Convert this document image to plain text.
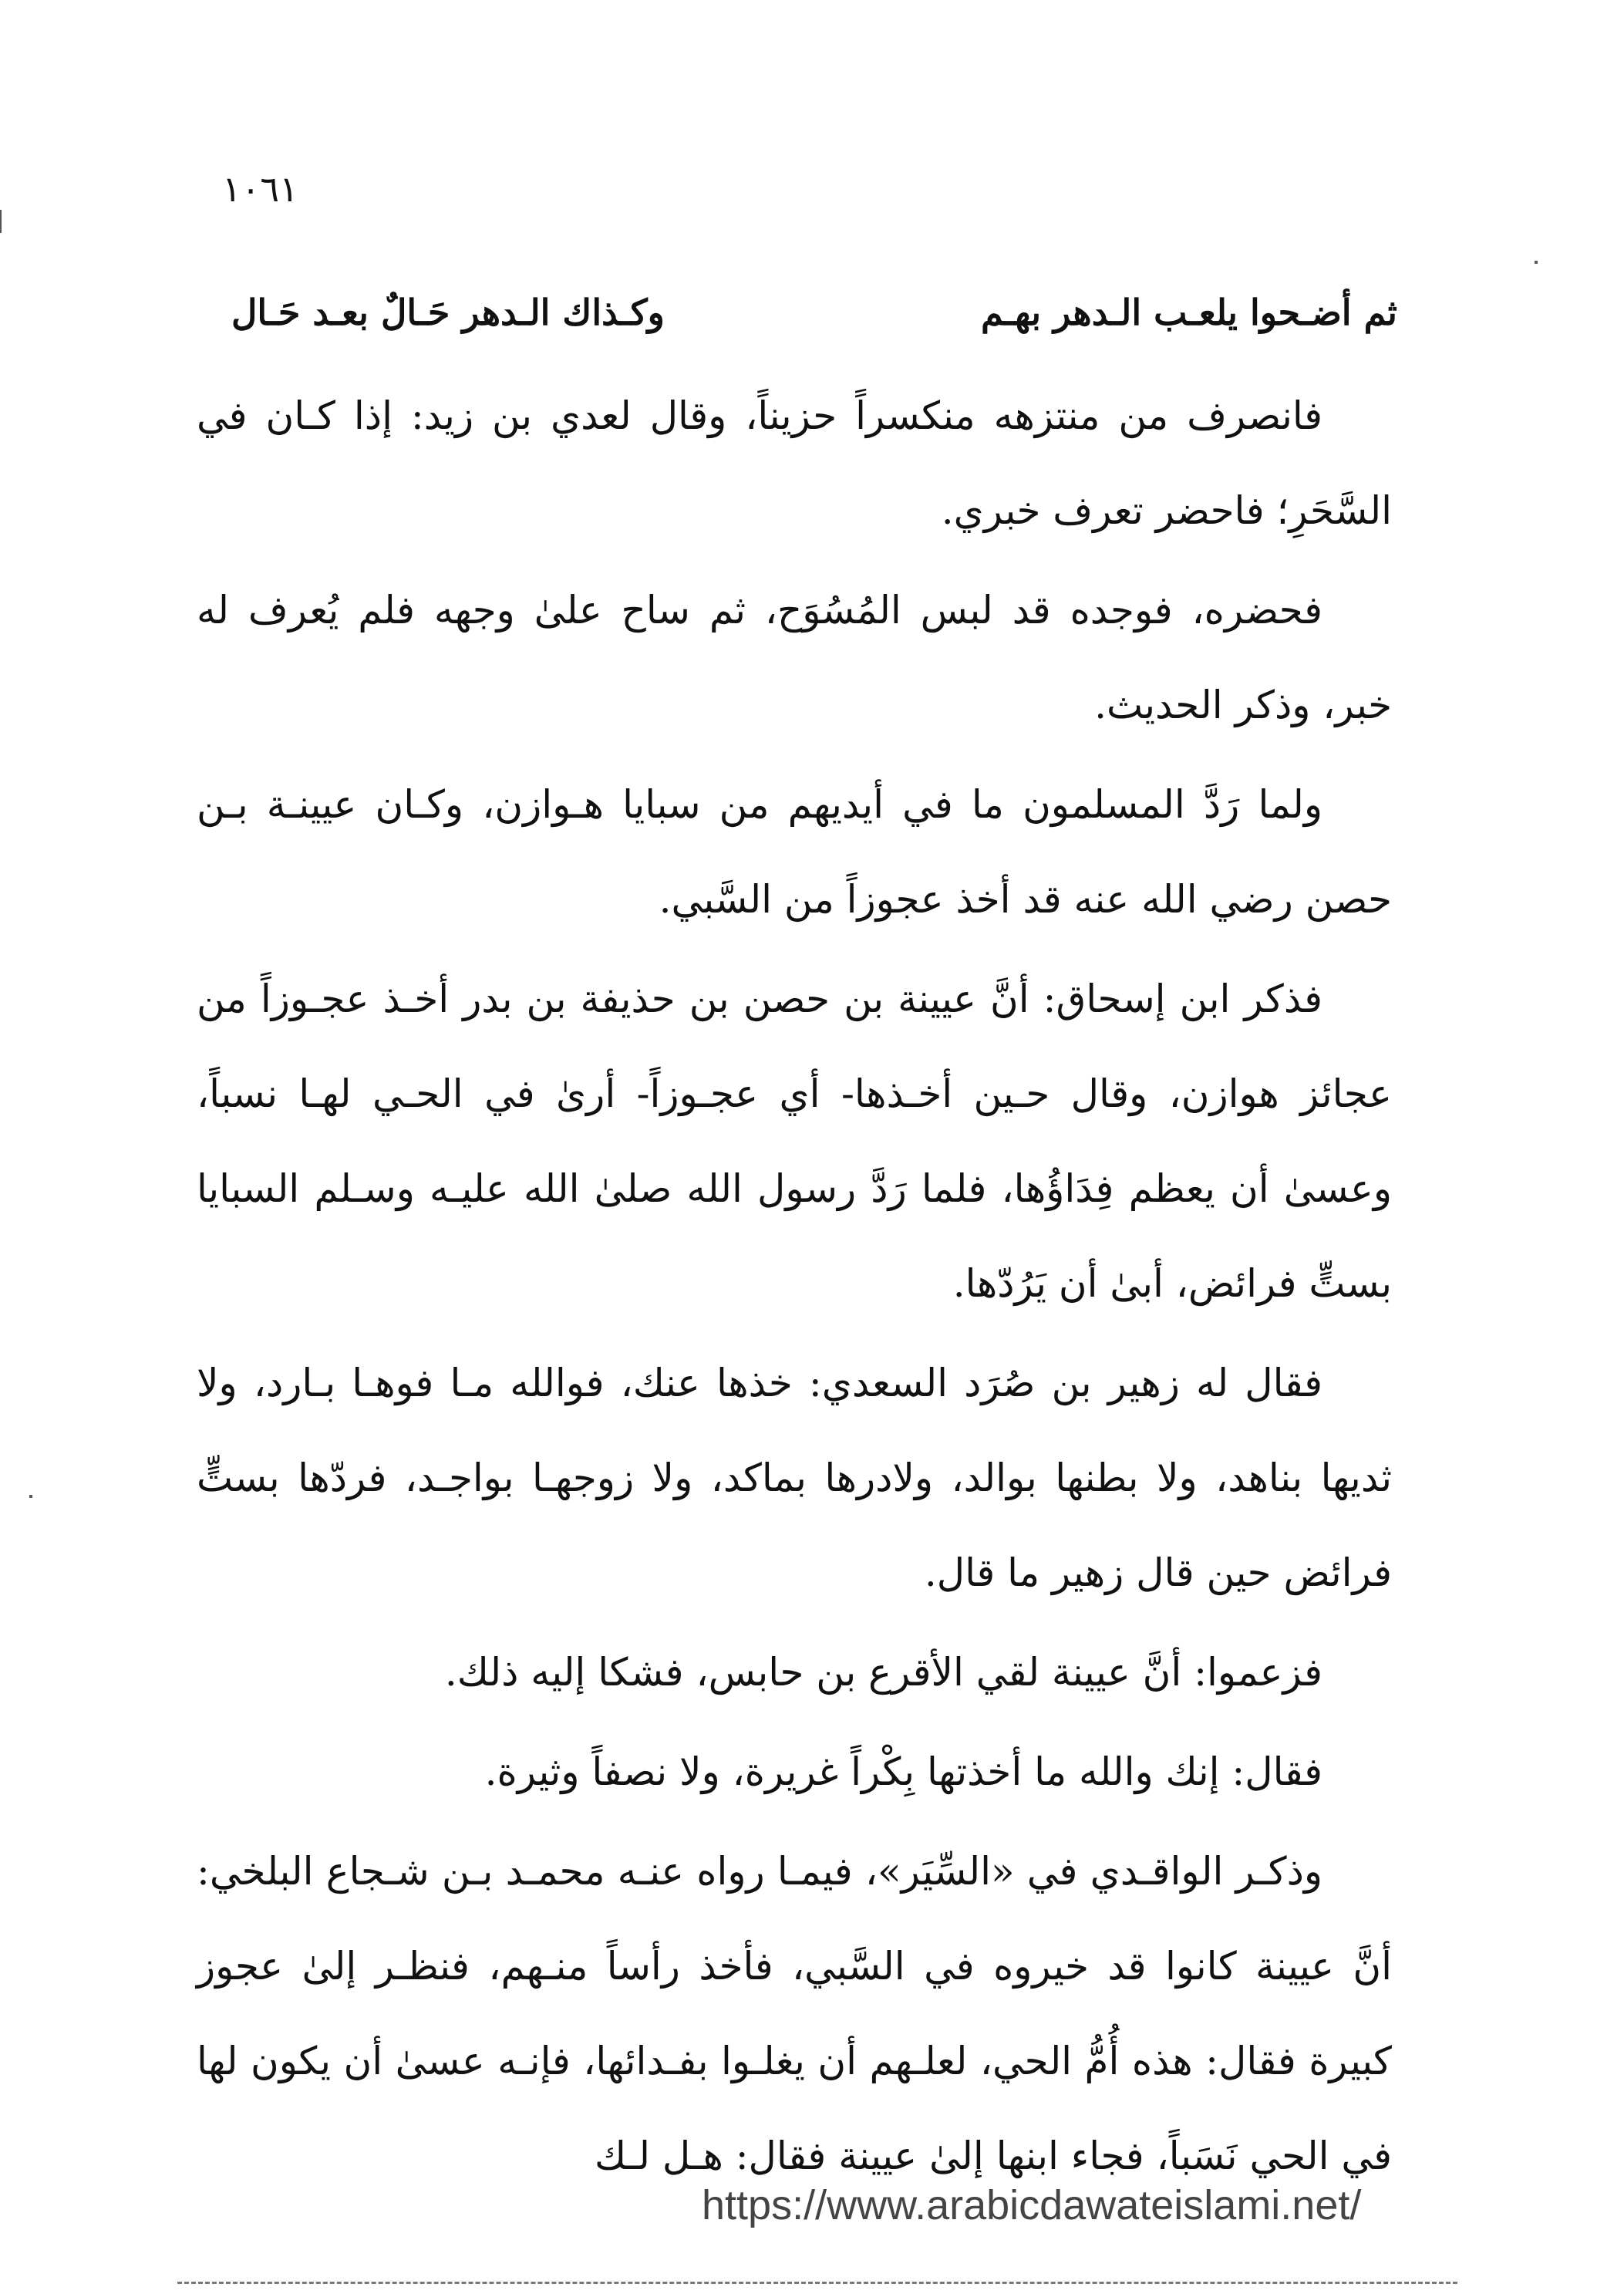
١٠٦١
ثم أضـحوا يلعـب الـدهر بهـم
وكـذاك الـدهر حَـالٌ بعـد حَـال

فانصرف من منتزهه منكسراً حزيناً، وقال لعدي بن زيد: إذا كـان في السَّحَرِ؛ فاحضر تعرف خبري.

فحضره، فوجده قد لبس المُسُوَح، ثم ساح علىٰ وجهه فلم يُعرف له خبر، وذكر الحديث.

ولما رَدَّ المسلمون ما في أيديهم من سبايا هـوازن، وكـان عيينـة بـن حصن رضي الله عنه قد أخذ عجوزاً من السَّبي.

فذكر ابن إسحاق: أنَّ عيينة بن حصن بن حذيفة بن بدر أخـذ عجـوزاً من عجائز هوازن، وقال حـين أخـذها- أي عجـوزاً- أرىٰ في الحـي لهـا نسباً، وعسىٰ أن يعظم فِدَاؤُها، فلما رَدَّ رسول الله صلىٰ الله عليـه وسـلم السبايا بستٍّ فرائض، أبىٰ أن يَرُدّها.

فقال له زهير بن صُرَد السعدي: خذها عنك، فوالله مـا فوهـا بـارد، ولا ثديها بناهد، ولا بطنها بوالد، ولادرها بماكد، ولا زوجهـا بواجـد، فردّها بستٍّ فرائض حين قال زهير ما قال.

فزعموا: أنَّ عيينة لقي الأقرع بن حابس، فشكا إليه ذلك.

فقال: إنك والله ما أخذتها بِكْراً غريرة، ولا نصفاً وثيرة.

وذكـر الواقـدي في «السِّيَر»، فيمـا رواه عنـه محمـد بـن شـجاع البلخي: أنَّ عيينة كانوا قد خيروه في السَّبي، فأخذ رأساً منـهم، فنظـر إلىٰ عجوز كبيرة فقال: هذه أُمُّ الحي، لعلـهم أن يغلـوا بفـدائها، فإنـه عسىٰ أن يكون لها في الحي نَسَباً، فجاء ابنها إلىٰ عيينة فقال: هـل لـك

https://www.arabicdawateislami.net/
